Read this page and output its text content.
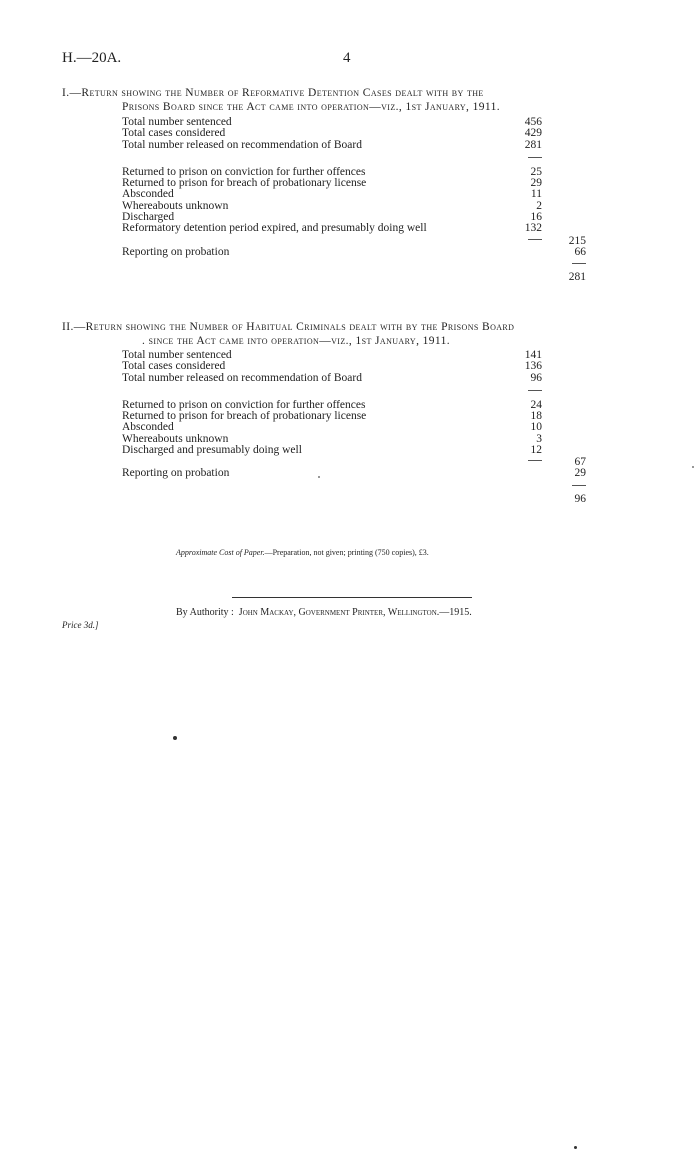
H.—20A.	4
I.—Return showing the Number of Reformative Detention Cases dealt with by the
Prisons Board since the Act came into operation—viz., 1st January, 1911.
Total number sentenced	456
Total cases considered	429
Total number released on recommendation of Board	281
Returned to prison on conviction for further offences	25
Returned to prison for breach of probationary license	29
Absconded	11
Whereabouts unknown	2
Discharged	16
Reformatory detention period expired, and presumably doing well	132
215
Reporting on probation	66
281
II.—Return showing the Number of Habitual Criminals dealt with by the Prisons Board
. since the Act came into operation—viz., 1st January, 1911.
Total number sentenced	141
Total cases considered	136
Total number released on recommendation of Board	96
Returned to prison on conviction for further offences	24
Returned to prison for breach of probationary license	18
Absconded	10
Whereabouts unknown	3
Discharged and presumably doing well	12
67
Reporting on probation	29
96
Approximate Cost of Paper.—Preparation, not given; printing (750 copies), £3.
By Authority : John Mackay, Government Printer, Wellington.—1915.
Price 3d.]
